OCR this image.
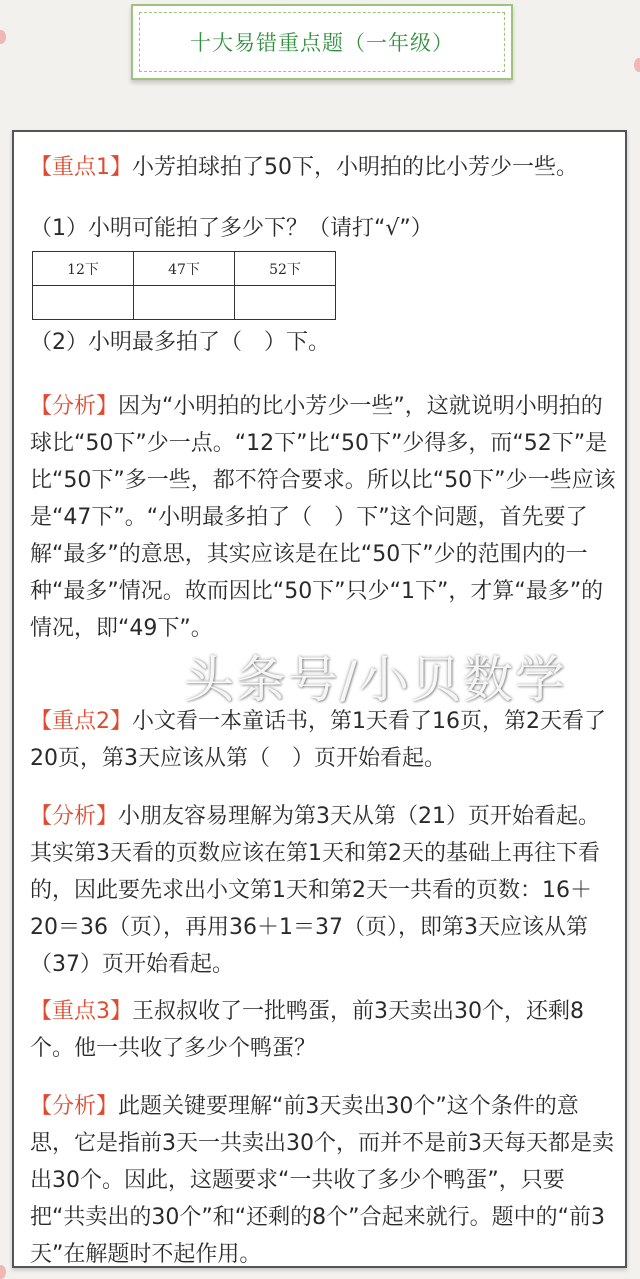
十大易错重点题（一年级）

【重点1】小芳拍球拍了50下，小明拍的比小芳少一些。

（1）小明可能拍了多少下？（请打“√”）

12下	47下	52下

（2）小明最多拍了（　）下。

【分析】因为“小明拍的比小芳少一些”，这就说明小明拍的球比“50下”少一点。“12下”比“50下”少得多，而“52下”是比“50下”多一些，都不符合要求。所以比“50下”少一些应该是“47下”。“小明最多拍了（　）下”这个问题，首先要了解“最多”的意思，其实应该是在比“50下”少的范围内的一种“最多”情况。故而因比“50下”只少“1下”，才算“最多”的情况，即“49下”。

【重点2】小文看一本童话书，第1天看了16页，第2天看了20页，第3天应该从第（　）页开始看起。

【分析】小朋友容易理解为第3天从第（21）页开始看起。其实第3天看的页数应该在第1天和第2天的基础上再往下看的，因此要先求出小文第1天和第2天一共看的页数：16＋20＝36（页），再用36＋1＝37（页），即第3天应该从第（37）页开始看起。

【重点3】王叔叔收了一批鸭蛋，前3天卖出30个，还剩8个。他一共收了多少个鸭蛋？

【分析】此题关键要理解“前3天卖出30个”这个条件的意思，它是指前3天一共卖出30个，而并不是前3天每天都是卖出30个。因此，这题要求“一共收了多少个鸭蛋”，只要把“共卖出的30个”和“还剩的8个”合起来就行。题中的“前3天”在解题时不起作用。

头条号/小贝数学
